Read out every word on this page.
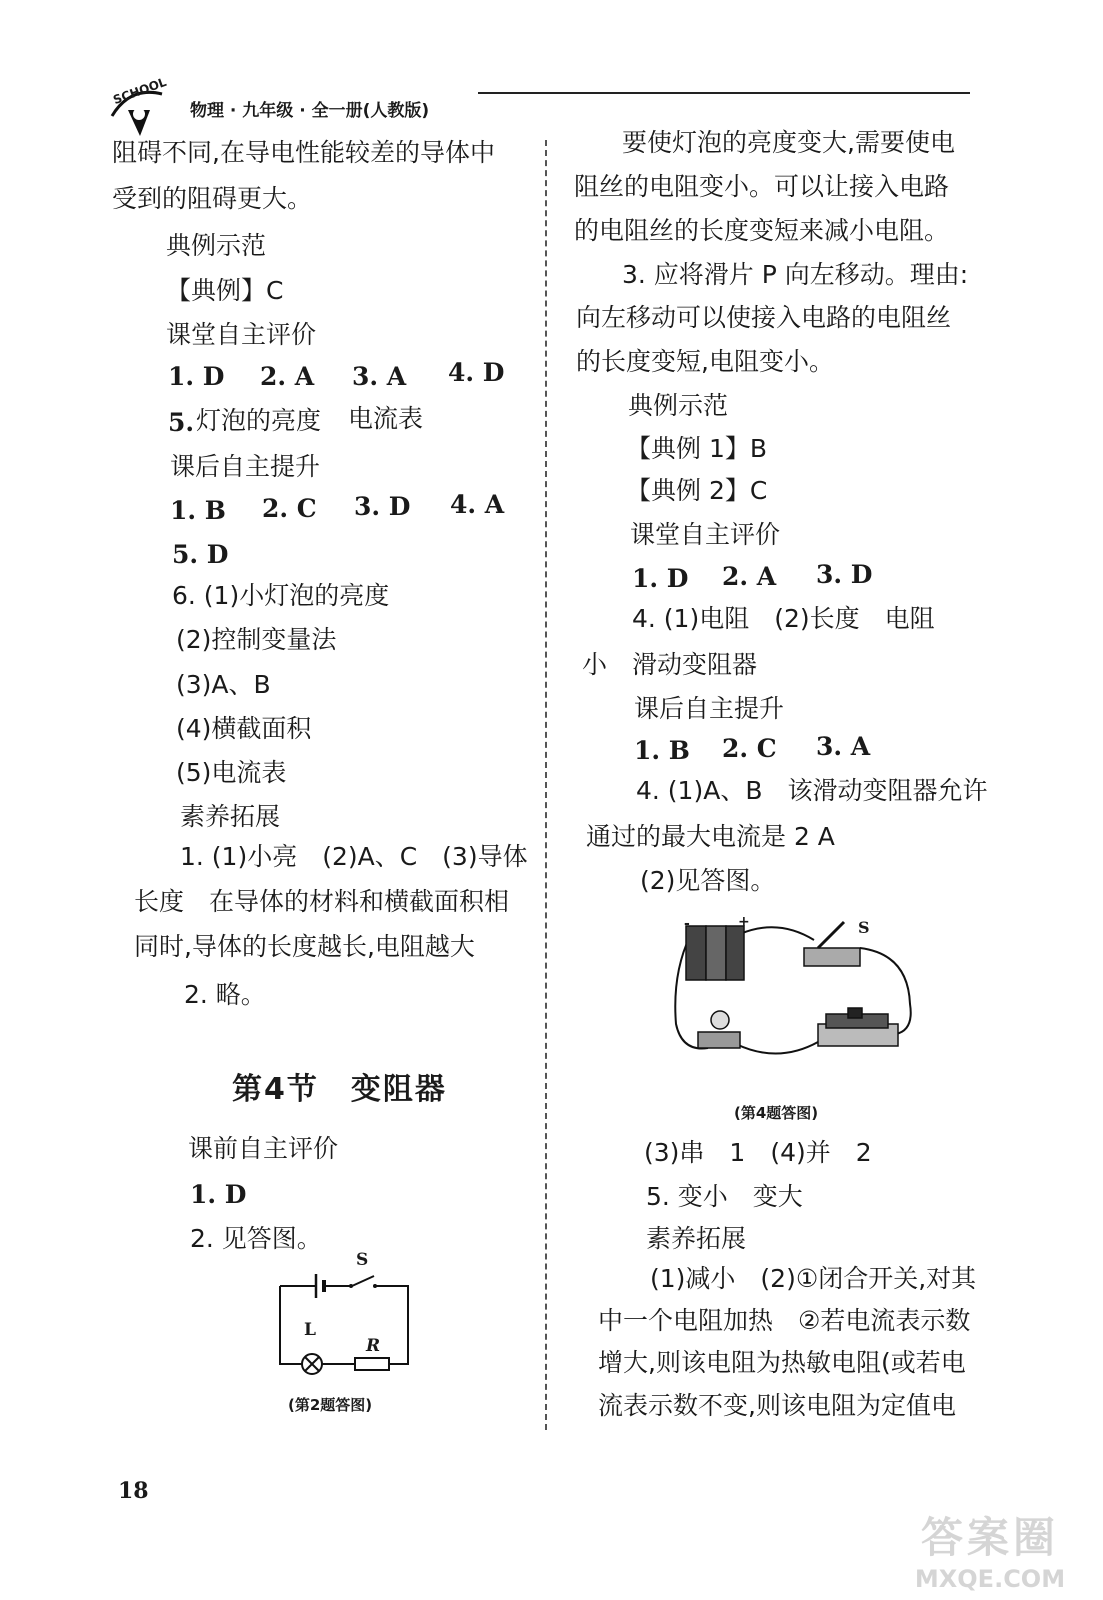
SCHOOL
物理 · 九年级 · 全一册(人教版)
阻碍不同,在导电性能较差的导体中
受到的阻碍更大。
典例示范
【典例】C
课堂自主评价
1. D 2. A 3. A 4. D
5. 灯泡的亮度 电流表
课后自主提升
1. B 2. C 3. D 4. A
5. D
6. (1)小灯泡的亮度
(2)控制变量法
(3)A、B
(4)横截面积
(5)电流表
素养拓展
1. (1)小亮　(2)A、C　(3)导体
长度　在导体的材料和横截面积相
同时,导体的长度越长,电阻越大
2. 略。
第4节　变阻器
课前自主评价
1. D
2. 见答图。
S
L
R
(第2题答图)
要使灯泡的亮度变大,需要使电
阻丝的电阻变小。可以让接入电路
的电阻丝的长度变短来减小电阻。
3. 应将滑片 P 向左移动。理由:
向左移动可以使接入电路的电阻丝
的长度变短,电阻变小。
典例示范
【典例 1】B
【典例 2】C
课堂自主评价
1. D 2. A 3. D
4. (1)电阻　(2)长度　电阻
小　滑动变阻器
课后自主提升
1. B 2. C 3. A
4. (1)A、B　该滑动变阻器允许
通过的最大电流是 2 A
(2)见答图。
-	+	S
(第4题答图)
(3)串　1　(4)并　2
5. 变小　变大
素养拓展
(1)减小　(2)①闭合开关,对其
中一个电阻加热　②若电流表示数
增大,则该电阻为热敏电阻(或若电
流表示数不变,则该电阻为定值电
18
答案圈
MXQE.COM
